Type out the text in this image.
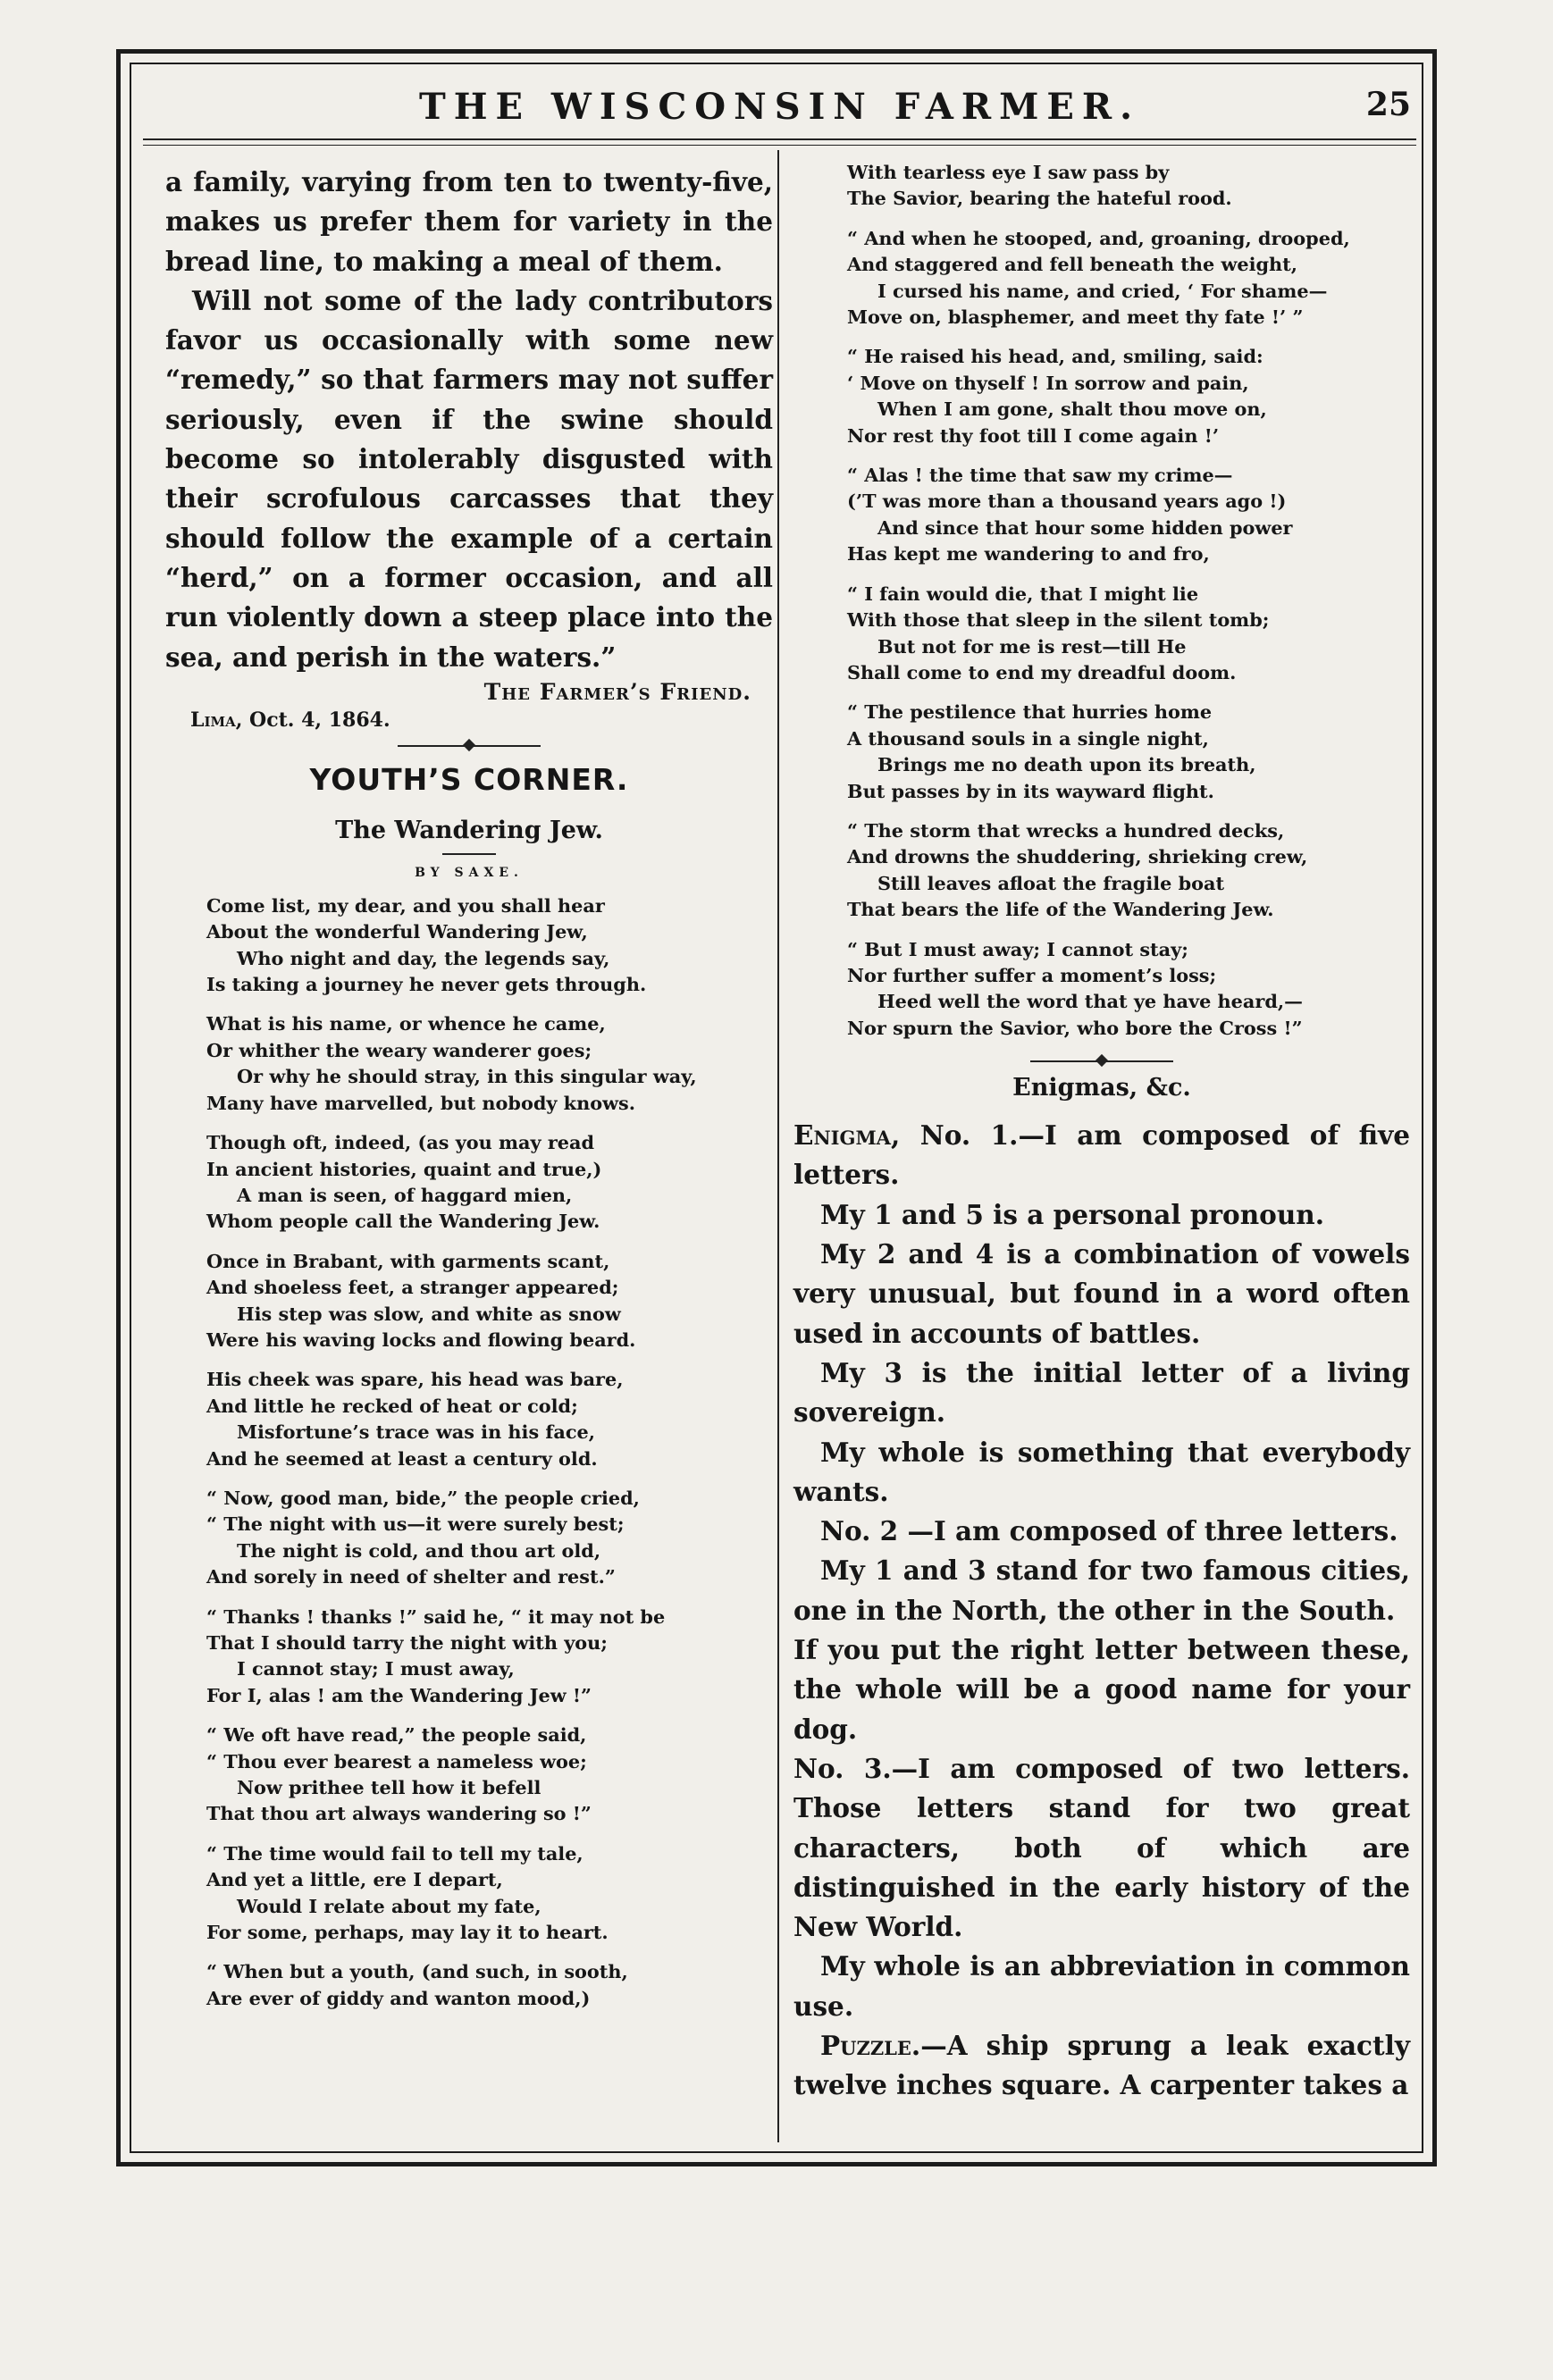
THE WISCONSIN FARMER.	25

a family, varying from ten to twenty-five, makes us prefer them for variety in the bread line, to making a meal of them.

Will not some of the lady contributors favor us occasionally with some new “remedy,” so that farmers may not suffer seriously, even if the swine should become so intolerably disgusted with their scrofulous carcasses that they should follow the example of a certain “herd,” on a former occasion, and all run violently down a steep place into the sea, and perish in the waters.”

The Farmer’s Friend.
Lima, Oct. 4, 1864.
YOUTH’S CORNER.
The Wandering Jew.
BY SAXE.
Come list, my dear, and you shall hear
About the wonderful Wandering Jew,
Who night and day, the legends say,
Is taking a journey he never gets through.
What is his name, or whence he came,
Or whither the weary wanderer goes;
Or why he should stray, in this singular way,
Many have marvelled, but nobody knows.
Though oft, indeed, (as you may read
In ancient histories, quaint and true,)
A man is seen, of haggard mien,
Whom people call the Wandering Jew.
Once in Brabant, with garments scant,
And shoeless feet, a stranger appeared;
His step was slow, and white as snow
Were his waving locks and flowing beard.
His cheek was spare, his head was bare,
And little he recked of heat or cold;
Misfortune’s trace was in his face,
And he seemed at least a century old.
“ Now, good man, bide,” the people cried,
“ The night with us—it were surely best;
The night is cold, and thou art old,
And sorely in need of shelter and rest.”
“ Thanks ! thanks !” said he, “ it may not be
That I should tarry the night with you;
I cannot stay; I must away,
For I, alas ! am the Wandering Jew !”
“ We oft have read,” the people said,
“ Thou ever bearest a nameless woe;
Now prithee tell how it befell
That thou art always wandering so !”
“ The time would fail to tell my tale,
And yet a little, ere I depart,
Would I relate about my fate,
For some, perhaps, may lay it to heart.
“ When but a youth, (and such, in sooth,
Are ever of giddy and wanton mood,)
With tearless eye I saw pass by
The Savior, bearing the hateful rood.
“ And when he stooped, and, groaning, drooped,
And staggered and fell beneath the weight,
I cursed his name, and cried, ‘ For shame—
Move on, blasphemer, and meet thy fate !’ ”
“ He raised his head, and, smiling, said:
‘ Move on thyself ! In sorrow and pain,
When I am gone, shalt thou move on,
Nor rest thy foot till I come again !’
“ Alas ! the time that saw my crime—
(’T was more than a thousand years ago !)
And since that hour some hidden power
Has kept me wandering to and fro,
“ I fain would die, that I might lie
With those that sleep in the silent tomb;
But not for me is rest—till He
Shall come to end my dreadful doom.
“ The pestilence that hurries home
A thousand souls in a single night,
Brings me no death upon its breath,
But passes by in its wayward flight.
“ The storm that wrecks a hundred decks,
And drowns the shuddering, shrieking crew,
Still leaves afloat the fragile boat
That bears the life of the Wandering Jew.
“ But I must away; I cannot stay;
Nor further suffer a moment’s loss;
Heed well the word that ye have heard,—
Nor spurn the Savior, who bore the Cross !”
Enigmas, &c.

Enigma, No. 1.—I am composed of five letters.

My 1 and 5 is a personal pronoun.

My 2 and 4 is a combination of vowels very unusual, but found in a word often used in accounts of battles.

My 3 is the initial letter of a living sovereign.

My whole is something that everybody wants.

No. 2 —I am composed of three letters.

My 1 and 3 stand for two famous cities, one in the North, the other in the South.

If you put the right letter between these, the whole will be a good name for your dog.

No. 3.—I am composed of two letters. Those letters stand for two great characters, both of which are distinguished in the early history of the New World.

My whole is an abbreviation in common use.

Puzzle.—A ship sprung a leak exactly twelve inches square. A carpenter takes a
